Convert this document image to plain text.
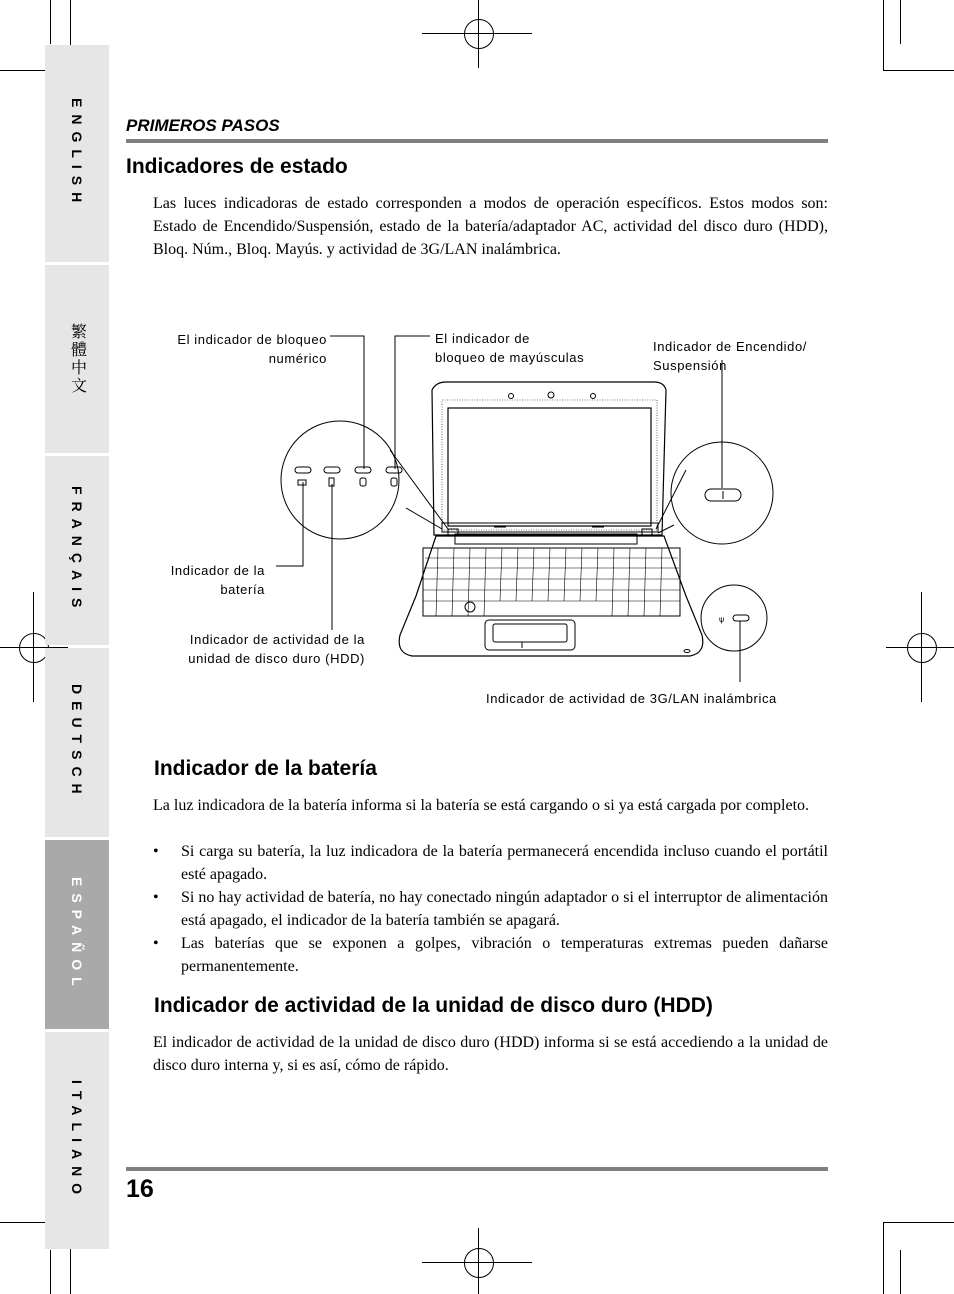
ENGLISH
繁體中文
FRANÇAIS
DEUTSCH
ESPAÑOL
ITALIANO
PRIMEROS PASOS
Indicadores de estado

Las luces indicadoras de estado corresponden a modos de operación específicos. Estos modos son: Estado de Encendido/Suspensión, estado de la batería/adaptador AC, actividad del disco duro (HDD), Bloq. Núm., Bloq. Mayús. y actividad de 3G/LAN inalámbrica.

ψ
El indicador de bloqueo
numérico
El indicador de
bloqueo de mayúsculas
Indicador de Encendido/
Suspensión
Indicador de la
batería
Indicador de actividad de la
unidad de disco duro (HDD)
Indicador de actividad de 3G/LAN inalámbrica
Indicador de la batería

La luz indicadora de la batería informa si la batería se está cargando o si ya está cargada por completo.

• Si carga su batería, la luz indicadora de la batería permanecerá encendida incluso cuando el portátil esté apagado.
• Si no hay actividad de batería, no hay conectado ningún adaptador o si el interruptor de alimentación está apagado, el indicador de la batería también se apagará.
• Las baterías que se exponen a golpes, vibración o temperaturas extremas pueden dañarse permanentemente.
Indicador de actividad de la unidad de disco duro (HDD)

El indicador de actividad de la unidad de disco duro (HDD) informa si se está accediendo a la unidad de disco duro interna y, si es así, cómo de rápido.

16
